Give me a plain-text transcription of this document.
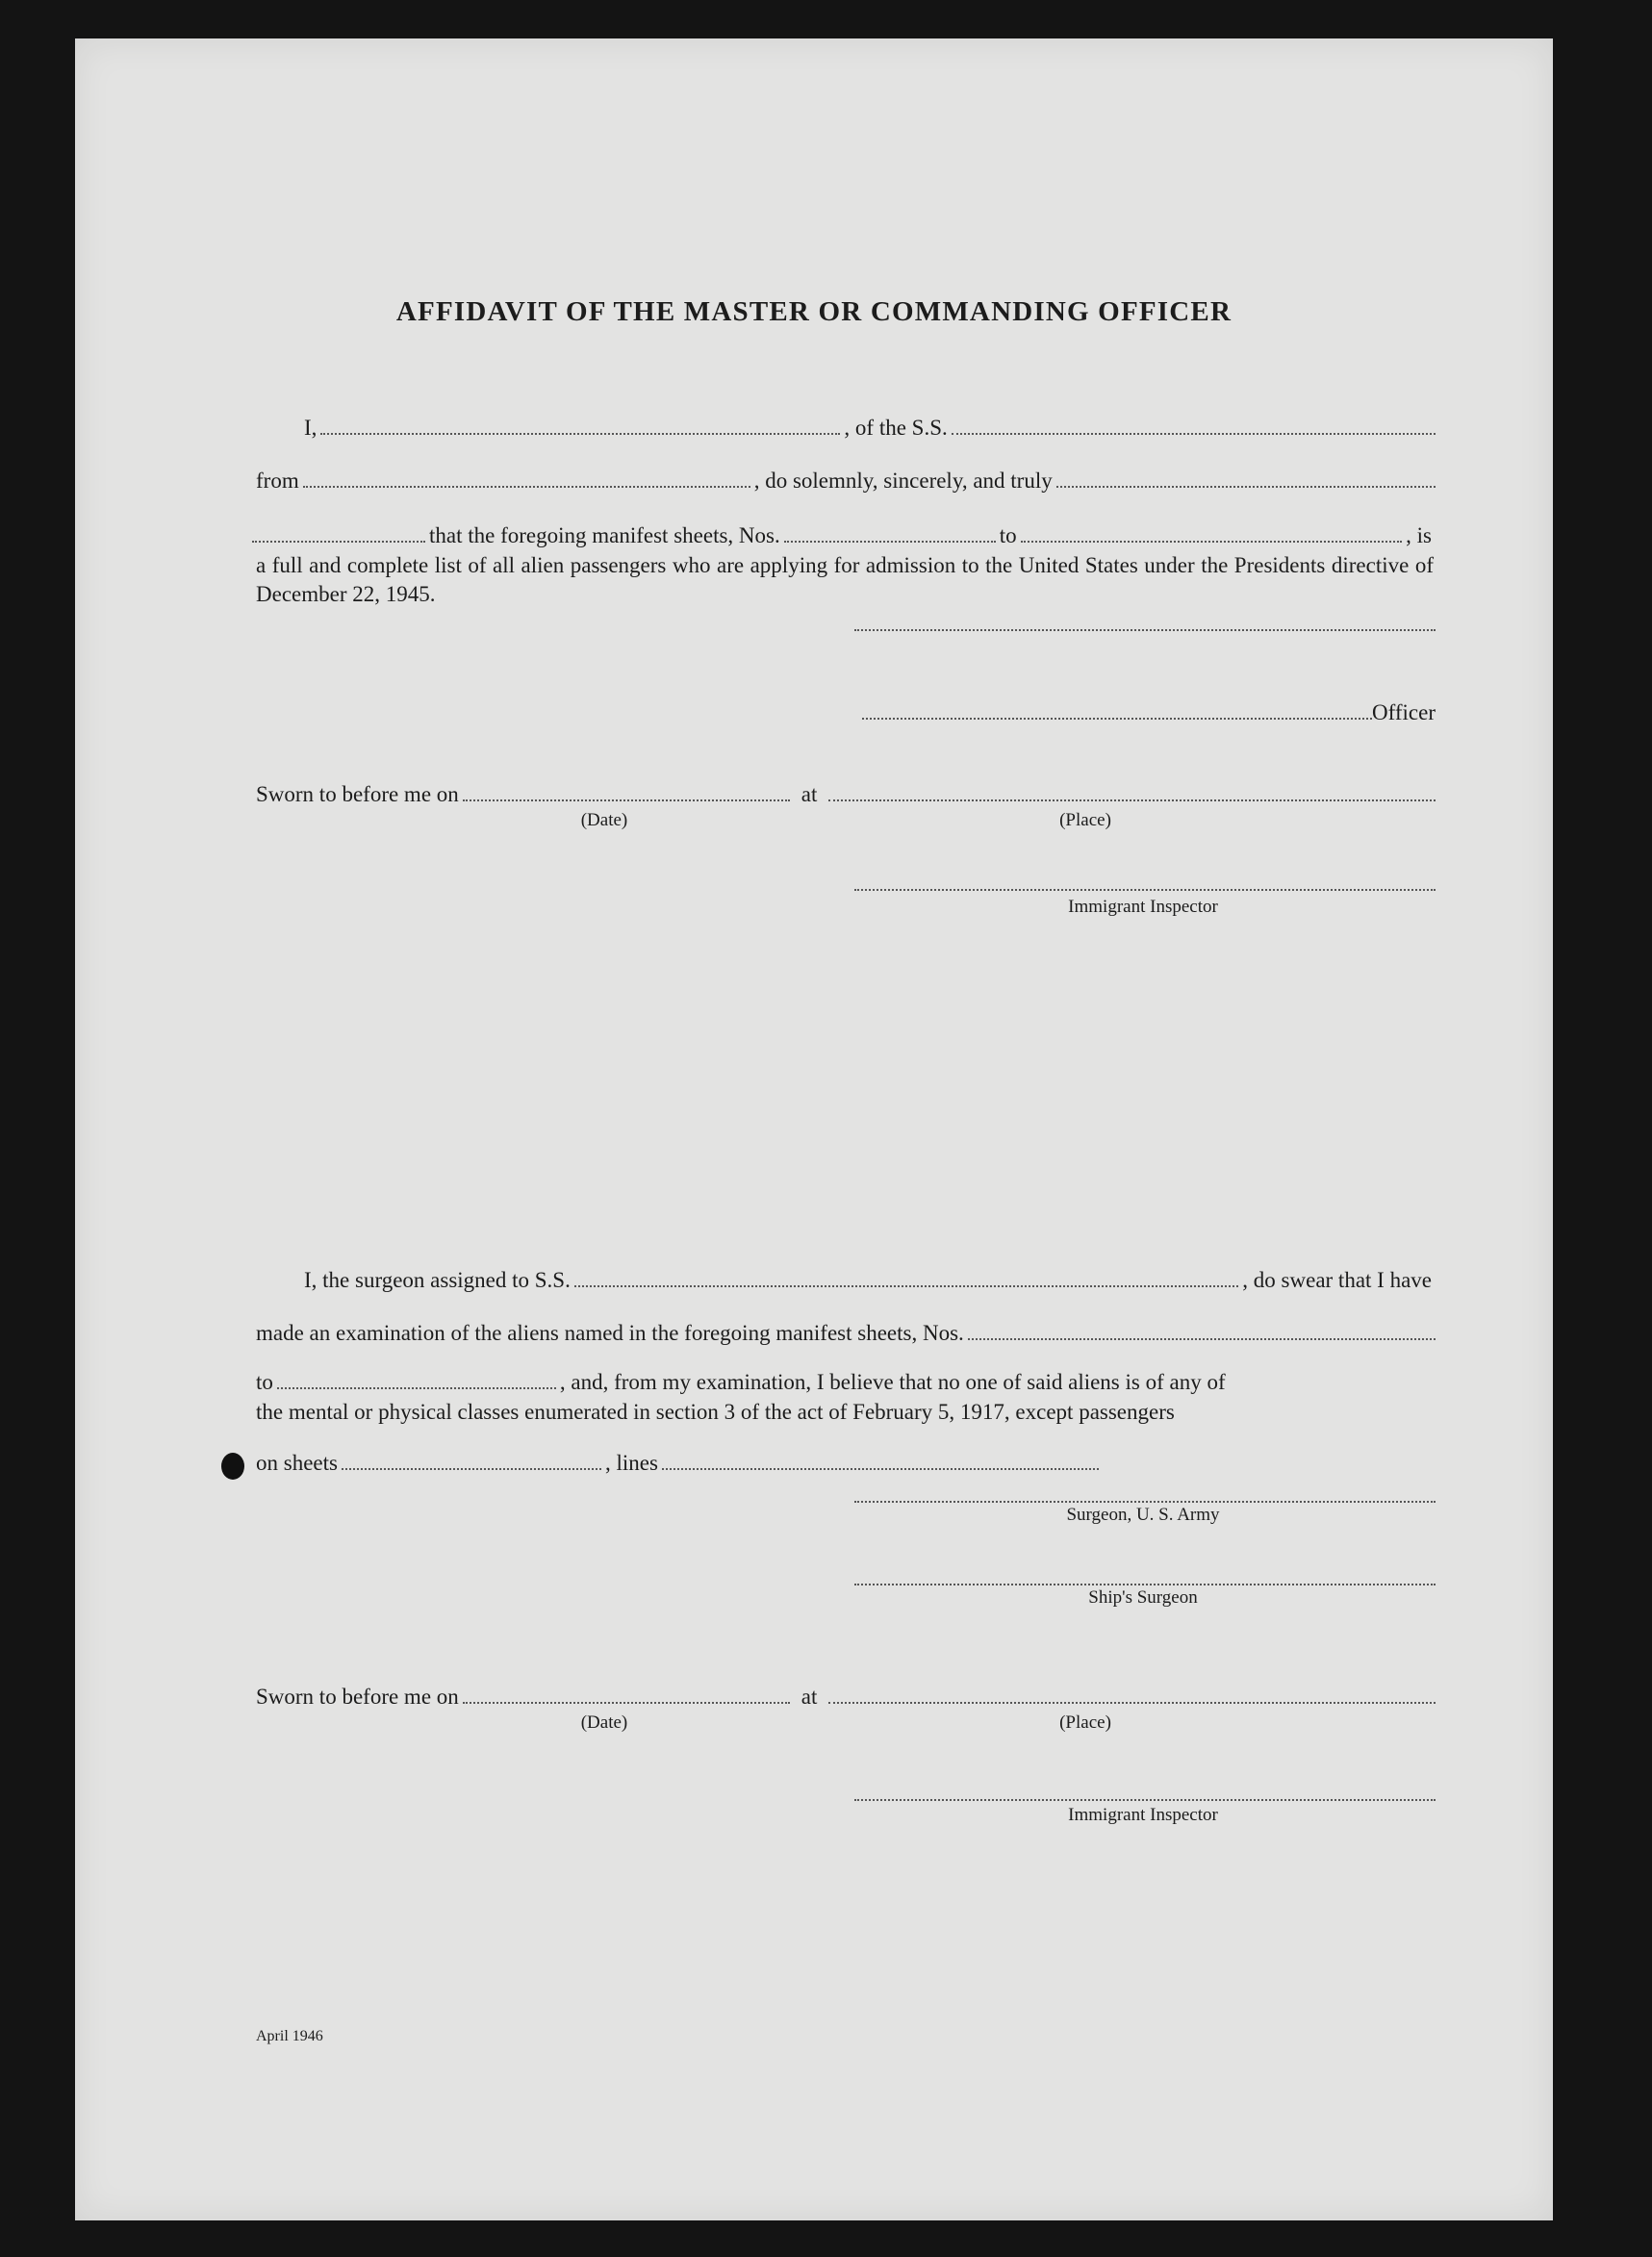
AFFIDAVIT OF THE MASTER OR COMMANDING OFFICER
I,	, of the S.S.
from	, do solemnly, sincerely, and truly
that the foregoing manifest sheets, Nos.	to	, is
a full and complete list of all alien passengers who are applying for admission to the United States under the Presidents directive of December 22, 1945.
Officer
Sworn to before me on	at
(Date)	(Place)
Immigrant Inspector
I, the surgeon assigned to S.S.	, do swear that I have
made an examination of the aliens named in the foregoing manifest sheets, Nos.
to	, and, from my examination, I believe that no one of said aliens is of any of
the mental or physical classes enumerated in section 3 of the act of February 5, 1917, except passengers
on sheets	, lines
Surgeon, U. S. Army
Ship's Surgeon
Sworn to before me on	at
(Date)	(Place)
Immigrant Inspector
April 1946
